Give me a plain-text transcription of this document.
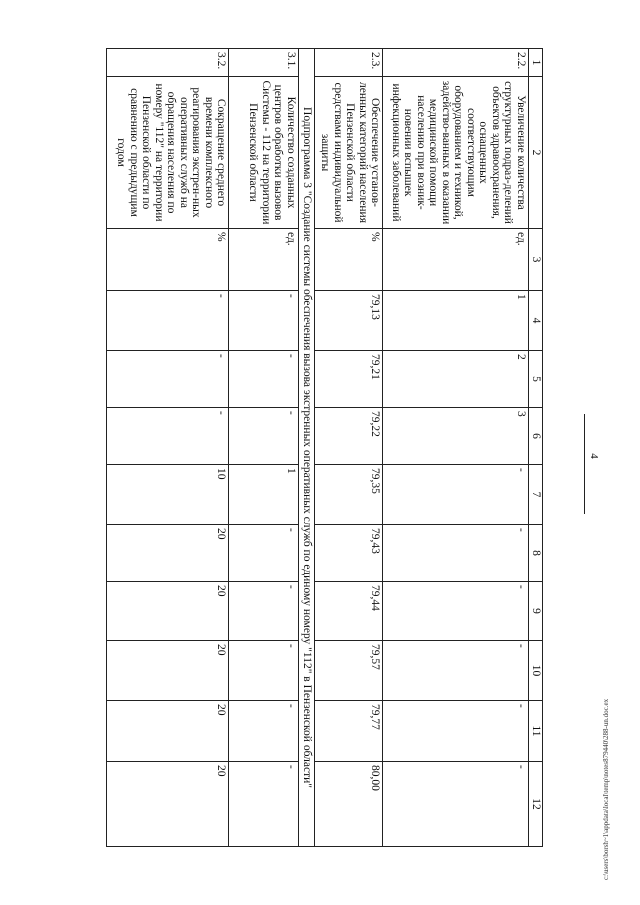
1	2	3	4	5	6	7	8	9	10	11	12
2.2.	Увеличение количества структурных подраз-делений объектов здравоохранения, оснащенных соответствующим оборудованием и техникой, задейство-ванных в оказании медицинской помощи населению при возник-новении вспышек инфекционных заболеваний	ед.	1	2	3	-	-	-	-	-	-
2.3.	Обеспечение установ-ленных категорий населения Пензенской области средствами индивидуальной защиты	%	79,13	79,21	79,22	79,35	79,43	79,44	79,57	79,77	80,00
Подпрограмма 3 "Создание системы обеспечения вызова экстренных оперативных служб по единому номеру "112" в Пензенской области"											
3.1.	Количество созданных центров обработки вызовов Системы - 112 на территории Пензенской области	ед.	-	-	-	1	-	-	-	-	-
3.2.	Сокращение среднего времени комплексного реагирования экстрен-ных оперативных служб на обращения населения по номеру "112" на территории Пензенской области по сравнению с предыдущим годом	%	-	-	-	10	20	20	20	20	20
4
c:\users\borsh~1\appdata\local\temp\notes879440\288-un.doc.ex
